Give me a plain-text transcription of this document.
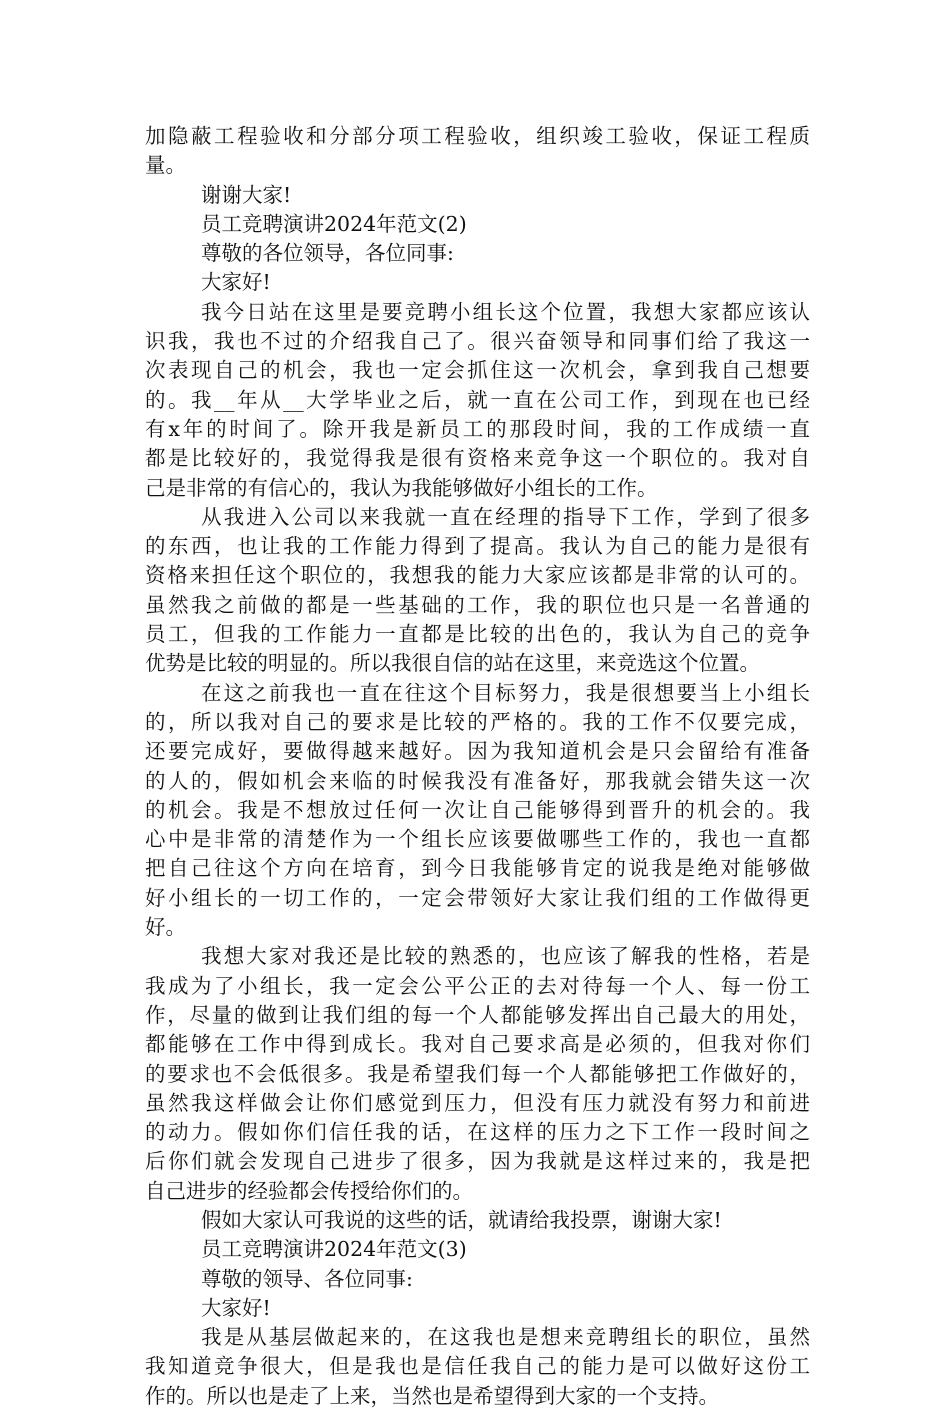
加隐蔽工程验收和分部分项工程验收，组织竣工验收，保证工程质

量。

谢谢大家!

员工竞聘演讲2024年范文(2)

尊敬的各位领导，各位同事:

大家好!

我今日站在这里是要竞聘小组长这个位置，我想大家都应该认

识我，我也不过的介绍我自己了。很兴奋领导和同事们给了我这一

次表现自己的机会，我也一定会抓住这一次机会，拿到我自己想要

的。我__年从__大学毕业之后，就一直在公司工作，到现在也已经

有x年的时间了。除开我是新员工的那段时间，我的工作成绩一直

都是比较好的，我觉得我是很有资格来竞争这一个职位的。我对自

己是非常的有信心的，我认为我能够做好小组长的工作。

从我进入公司以来我就一直在经理的指导下工作，学到了很多

的东西，也让我的工作能力得到了提高。我认为自己的能力是很有

资格来担任这个职位的，我想我的能力大家应该都是非常的认可的。

虽然我之前做的都是一些基础的工作，我的职位也只是一名普通的

员工，但我的工作能力一直都是比较的出色的，我认为自己的竞争

优势是比较的明显的。所以我很自信的站在这里，来竞选这个位置。

在这之前我也一直在往这个目标努力，我是很想要当上小组长

的，所以我对自己的要求是比较的严格的。我的工作不仅要完成，

还要完成好，要做得越来越好。因为我知道机会是只会留给有准备

的人的，假如机会来临的时候我没有准备好，那我就会错失这一次

的机会。我是不想放过任何一次让自己能够得到晋升的机会的。我

心中是非常的清楚作为一个组长应该要做哪些工作的，我也一直都

把自己往这个方向在培育，到今日我能够肯定的说我是绝对能够做

好小组长的一切工作的，一定会带领好大家让我们组的工作做得更

好。

我想大家对我还是比较的熟悉的，也应该了解我的性格，若是

我成为了小组长，我一定会公平公正的去对待每一个人、每一份工

作，尽量的做到让我们组的每一个人都能够发挥出自己最大的用处，

都能够在工作中得到成长。我对自己要求高是必须的，但我对你们

的要求也不会低很多。我是希望我们每一个人都能够把工作做好的，

虽然我这样做会让你们感觉到压力，但没有压力就没有努力和前进

的动力。假如你们信任我的话，在这样的压力之下工作一段时间之

后你们就会发现自己进步了很多，因为我就是这样过来的，我是把

自己进步的经验都会传授给你们的。

假如大家认可我说的这些的话，就请给我投票，谢谢大家!

员工竞聘演讲2024年范文(3)

尊敬的领导、各位同事:

大家好!

我是从基层做起来的，在这我也是想来竞聘组长的职位，虽然

我知道竞争很大，但是我也是信任我自己的能力是可以做好这份工

作的。所以也是走了上来，当然也是希望得到大家的一个支持。
